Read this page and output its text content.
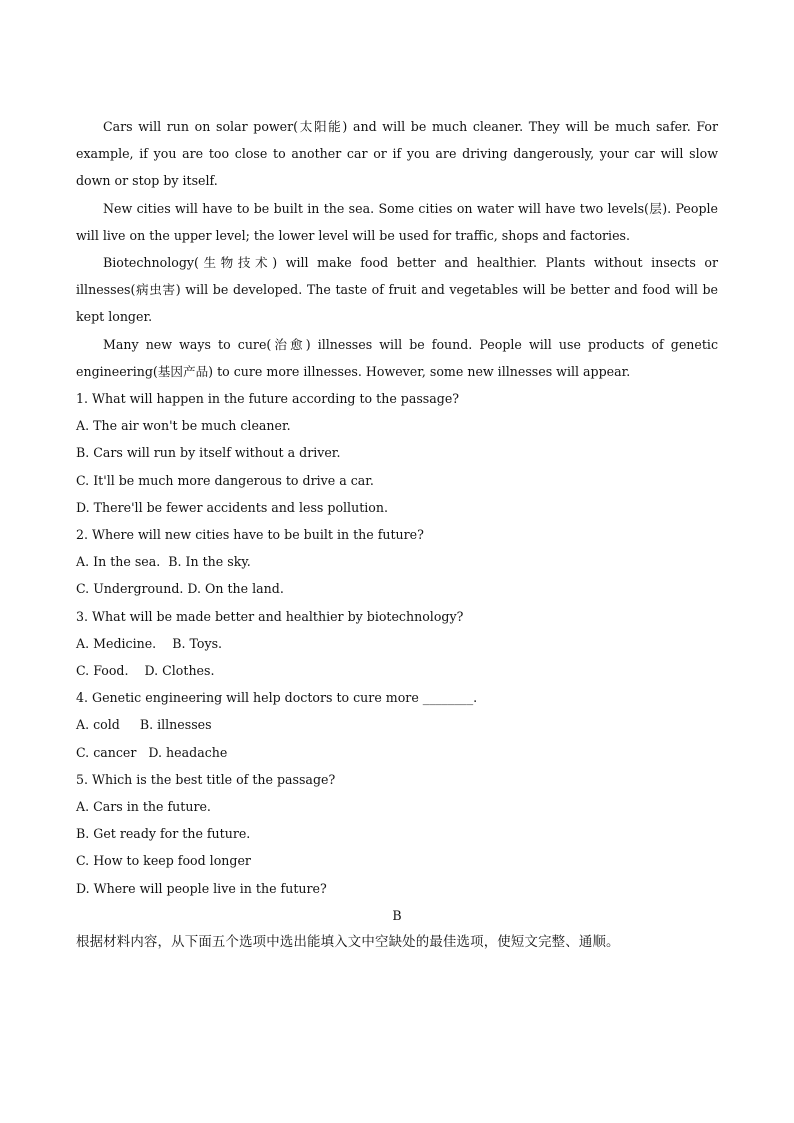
Cars will run on solar power(太阳能) and will be much cleaner. They will be much safer. For example, if you are too close to another car or if you are driving dangerously, your car will slow down or stop by itself.

New cities will have to be built in the sea. Some cities on water will have two levels(层). People will live on the upper level; the lower level will be used for traffic, shops and factories.

Biotechnology(生物技术) will make food better and healthier. Plants without insects or illnesses(病虫害) will be developed. The taste of fruit and vegetables will be better and food will be kept longer.

Many new ways to cure(治愈) illnesses will be found. People will use products of genetic engineering(基因产品) to cure more illnesses. However, some new illnesses will appear.

1. What will happen in the future according to the passage?

A. The air won't be much cleaner.

B. Cars will run by itself without a driver.

C. It'll be much more dangerous to drive a car.

D. There'll be fewer accidents and less pollution.

2. Where will new cities have to be built in the future?

A. In the sea.  B. In the sky.

C. Underground. D. On the land.

3. What will be made better and healthier by biotechnology?

A. Medicine.    B. Toys.

C. Food.    D. Clothes.

4. Genetic engineering will help doctors to cure more ________.

A. cold     B. illnesses

C. cancer   D. headache

5. Which is the best title of the passage?

A. Cars in the future.

B. Get ready for the future.

C. How to keep food longer

D. Where will people live in the future?

B

根据材料内容，从下面五个选项中选出能填入文中空缺处的最佳选项，使短文完整、通顺。
